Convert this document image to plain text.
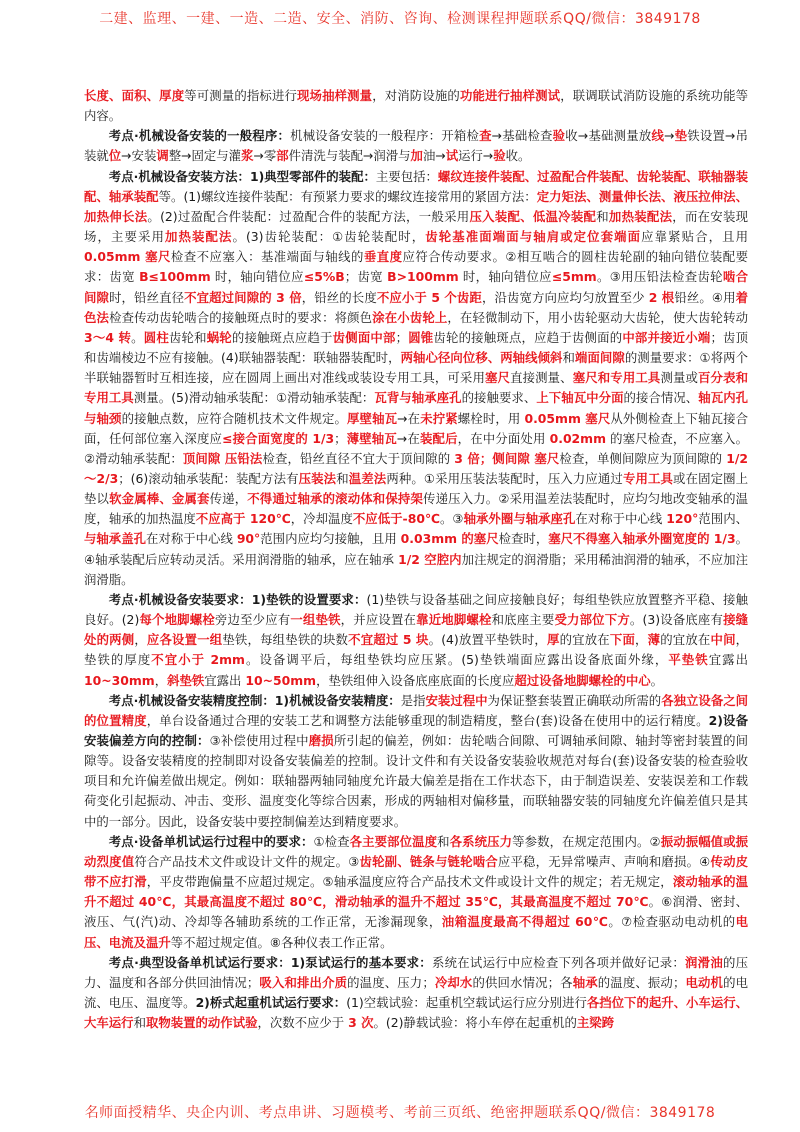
二建、监理、一建、一造、二造、安全、消防、咨询、检测课程押题联系QQ/微信：3849178

长度、面积、厚度等可测量的指标进行现场抽样测量，对消防设施的功能进行抽样测试，联调联试消防设施的系统功能等内容。

考点·机械设备安装的一般程序：机械设备安装的一般程序：开箱检查→基础检查验收→基础测量放线→垫铁设置→吊装就位→安装调整→固定与灌浆→零部件清洗与装配→润滑与加油→试运行→验收。

考点·机械设备安装方法：1)典型零部件的装配：主要包括：螺纹连接件装配、过盈配合件装配、齿轮装配、联轴器装配、轴承装配等。(1)螺纹连接件装配：有预紧力要求的螺纹连接常用的紧固方法：定力矩法、测量伸长法、液压拉伸法、加热伸长法。(2)过盈配合件装配：过盈配合件的装配方法，一般采用压入装配、低温冷装配和加热装配法，而在安装现场，主要采用加热装配法。(3)齿轮装配：①齿轮装配时，齿轮基准面端面与轴肩或定位套端面应靠紧贴合，且用 0.05mm 塞尺检查不应塞入：基准端面与轴线的垂直度应符合传动要求。②相互啮合的圆柱齿轮副的轴向错位装配要求：齿宽 B≤100mm 时，轴向错位应≤5%B；齿宽 B>100mm 时，轴向错位应≤5mm。③用压铅法检查齿轮啮合间隙时，铅丝直径不宜超过间隙的 3 倍，铅丝的长度不应小于 5 个齿距，沿齿宽方向应均匀放置至少 2 根铅丝。④用着色法检查传动齿轮啮合的接触斑点时的要求：将颜色涂在小齿轮上，在轻微制动下，用小齿轮驱动大齿轮，使大齿轮转动 3～4 转。圆柱齿轮和蜗轮的接触斑点应趋于齿侧面中部；圆锥齿轮的接触斑点，应趋于齿侧面的中部并接近小端；齿顶和齿端棱边不应有接触。(4)联轴器装配：联轴器装配时，两轴心径向位移、两轴线倾斜和端面间隙的测量要求：①将两个半联轴器暂时互相连接，应在圆周上画出对准线或装设专用工具，可采用塞尺直接测量、塞尺和专用工具测量或百分表和专用工具测量。(5)滑动轴承装配：①滑动轴承装配：瓦背与轴承座孔的接触要求、上下轴瓦中分面的接合情况、轴瓦内孔与轴颈的接触点数，应符合随机技术文件规定。厚壁轴瓦→在未拧紧螺栓时，用 0.05mm 塞尺从外侧检查上下轴瓦接合面，任何部位塞入深度应≤接合面宽度的 1/3；薄壁轴瓦→在装配后，在中分面处用 0.02mm 的塞尺检查，不应塞入。②滑动轴承装配：顶间隙 压铅法检查，铅丝直径不宜大于顶间隙的 3 倍；侧间隙 塞尺检查，单侧间隙应为顶间隙的 1/2～2/3；(6)滚动轴承装配：装配方法有压装法和温差法两种。①采用压装法装配时，压入力应通过专用工具或在固定圈上垫以软金属棒、金属套传递，不得通过轴承的滚动体和保持架传递压入力。②采用温差法装配时，应均匀地改变轴承的温度，轴承的加热温度不应高于 120℃，冷却温度不应低于-80℃。③轴承外圈与轴承座孔在对称于中心线 120°范围内、与轴承盖孔在对称于中心线 90°范围内应均匀接触，且用 0.03mm 的塞尺检查时，塞尺不得塞入轴承外圈宽度的 1/3。④轴承装配后应转动灵活。采用润滑脂的轴承，应在轴承 1/2 空腔内加注规定的润滑脂；采用稀油润滑的轴承，不应加注润滑脂。

考点·机械设备安装要求：1)垫铁的设置要求：(1)垫铁与设备基础之间应接触良好；每组垫铁应放置整齐平稳、接触良好。(2)每个地脚螺栓旁边至少应有一组垫铁，并应设置在靠近地脚螺栓和底座主要受力部位下方。(3)设备底座有接缝处的两侧，应各设置一组垫铁，每组垫铁的块数不宜超过 5 块。(4)放置平垫铁时，厚的宜放在下面，薄的宜放在中间，垫铁的厚度不宜小于 2mm。设备调平后，每组垫铁均应压紧。(5)垫铁端面应露出设备底面外缘，平垫铁宜露出 10~30mm，斜垫铁宜露出 10~50mm，垫铁组伸入设备底座底面的长度应超过设备地脚螺栓的中心。

考点·机械设备安装精度控制：1)机械设备安装精度：是指安装过程中为保证整套装置正确联动所需的各独立设备之间的位置精度，单台设备通过合理的安装工艺和调整方法能够重现的制造精度，整台(套)设备在使用中的运行精度。2)设备安装偏差方向的控制：③补偿使用过程中磨损所引起的偏差，例如：齿轮啮合间隙、可调轴承间隙、轴封等密封装置的间隙等。设备安装精度的控制即对设备安装偏差的控制。设计文件和有关设备安装验收规范对每台(套)设备安装的检查验收项目和允许偏差做出规定。例如：联轴器两轴同轴度允许最大偏差是指在工作状态下，由于制造误差、安装误差和工作载荷变化引起振动、冲击、变形、温度变化等综合因素，形成的两轴相对偏移量，而联轴器安装的同轴度允许偏差值只是其中的一部分。因此，设备安装中要控制偏差达到精度要求。

考点·设备单机试运行过程中的要求：①检查各主要部位温度和各系统压力等参数，在规定范围内。②振动振幅值或振动烈度值符合产品技术文件或设计文件的规定。③齿轮副、链条与链轮啮合应平稳，无异常噪声、声响和磨损。④传动皮带不应打滑，平皮带跑偏量不应超过规定。⑤轴承温度应符合产品技术文件或设计文件的规定；若无规定，滚动轴承的温升不超过 40℃，其最高温度不超过 80℃，滑动轴承的温升不超过 35℃，其最高温度不超过 70℃。⑥润滑、密封、液压、气(汽)动、冷却等各辅助系统的工作正常，无渗漏现象，油箱温度最高不得超过 60℃。⑦检查驱动电动机的电压、电流及温升等不超过规定值。⑧各种仪表工作正常。

考点·典型设备单机试运行要求：1)泵试运行的基本要求：系统在试运行中应检查下列各项并做好记录：润滑油的压力、温度和各部分供回油情况；吸入和排出介质的温度、压力；冷却水的供回水情况；各轴承的温度、振动；电动机的电流、电压、温度等。2)桥式起重机试运行要求：(1)空载试验：起重机空载试运行应分别进行各挡位下的起升、小车运行、大车运行和取物装置的动作试验，次数不应少于 3 次。(2)静载试验：将小车停在起重机的主梁跨

名师面授精华、央企内训、考点串讲、习题模考、考前三页纸、绝密押题联系QQ/微信：3849178
